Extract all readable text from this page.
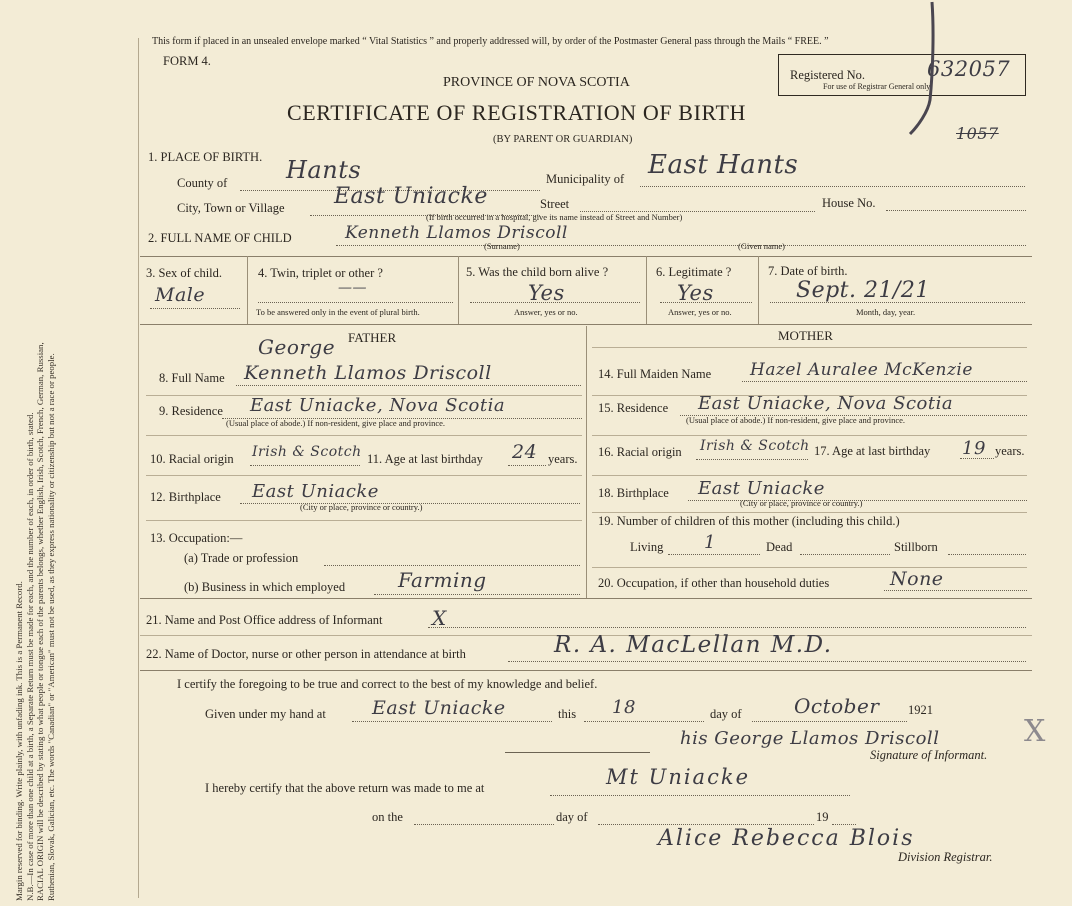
Margin reserved for binding. Write plainly, with unfading ink. This is a Permanent Record. N.B.—In case of more than one child at a birth, a Separate Return must be made for each, and the number of each, in order of birth, stated. RACIAL ORIGIN will be described by stating to what people or tongue each of the parents belongs, whether English, Irish, Scotch, French, German, Russian, Ruthenian, Slovak, Galician, etc. The words "Canadian" or "American" must not be used, as they express nationality or citizenship but not a race or people.
This form if placed in an unsealed envelope marked “ Vital Statistics ” and properly addressed will, by order of the Postmaster General pass through the Mails “ FREE. ”
FORM 4.
PROVINCE OF NOVA SCOTIA
CERTIFICATE OF REGISTRATION OF BIRTH
(BY PARENT OR GUARDIAN)
Registered No.	632057
For use of Registrar General only.
1057
1. PLACE OF BIRTH.
County of Hants	Municipality of East Hants
City, Town or Village East Uniacke	Street	House No.
(If birth occurred in a hospital, give its name instead of Street and Number)
2. FULL NAME OF CHILD	Kenneth Llamos Driscoll
(Surname)	(Given name)
3. Sex of child.
Male
4. Twin, triplet or other ?
——
To be answered only in the event of plural birth.
5. Was the child born alive ?
Yes
Answer, yes or no.
6. Legitimate ?
Yes
Answer, yes or no.
7. Date of birth.
Sept. 21/21
Month, day, year.
FATHER	MOTHER
George
8. Full Name Kenneth Llamos Driscoll
9. Residence East Uniacke, Nova Scotia
(Usual place of abode.) If non-resident, give place and province.
10. Racial origin Irish & Scotch 11. Age at last birthday 24 years.
12. Birthplace East Uniacke
(City or place, province or country.)
13. Occupation:—
(a) Trade or profession
(b) Business in which employed	Farming
14. Full Maiden Name Hazel Auralee McKenzie
15. Residence East Uniacke, Nova Scotia
(Usual place of abode.) If non-resident, give place and province.
16. Racial origin Irish & Scotch 17. Age at last birthday 19 years.
18. Birthplace East Uniacke
(City or place, province or country.)
19. Number of children of this mother (including this child.)
Living 1	Dead	Stillborn
20. Occupation, if other than household duties	None
21. Name and Post Office address of Informant X
22. Name of Doctor, nurse or other person in attendance at birth	R. A. MacLellan M.D.
I certify the foregoing to be true and correct to the best of my knowledge and belief.
Given under my hand at East Uniacke	this 18	day of	October 1921
his George Llamos Driscoll	X
Signature of Informant.
I hereby certify that the above return was made to me at	Mt Uniacke
on the	day of	19
Alice Rebecca Blois
Division Registrar.
